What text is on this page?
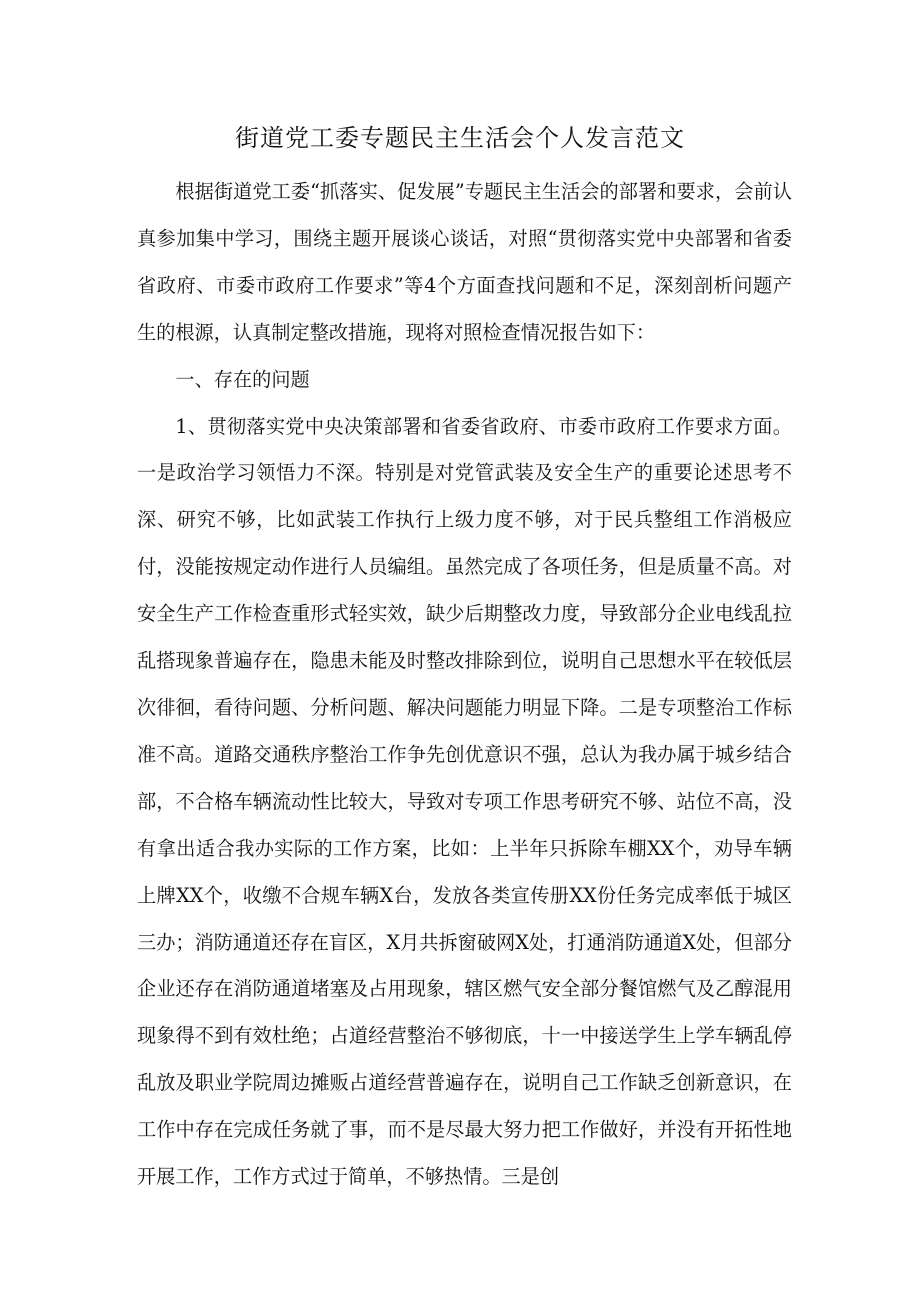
街道党工委专题民主生活会个人发言范文

根据街道党工委“抓落实、促发展”专题民主生活会的部署和要求，会前认真参加集中学习，围绕主题开展谈心谈话，对照“贯彻落实党中央部署和省委省政府、市委市政府工作要求”等4个方面查找问题和不足，深刻剖析问题产生的根源，认真制定整改措施，现将对照检查情况报告如下：

一、存在的问题

1、贯彻落实党中央决策部署和省委省政府、市委市政府工作要求方面。一是政治学习领悟力不深。特别是对党管武装及安全生产的重要论述思考不深、研究不够，比如武装工作执行上级力度不够，对于民兵整组工作消极应付，没能按规定动作进行人员编组。虽然完成了各项任务，但是质量不高。对安全生产工作检查重形式轻实效，缺少后期整改力度，导致部分企业电线乱拉乱搭现象普遍存在，隐患未能及时整改排除到位，说明自己思想水平在较低层次徘徊，看待问题、分析问题、解决问题能力明显下降。二是专项整治工作标准不高。道路交通秩序整治工作争先创优意识不强，总认为我办属于城乡结合部，不合格车辆流动性比较大，导致对专项工作思考研究不够、站位不高，没有拿出适合我办实际的工作方案，比如：上半年只拆除车棚XX个，劝导车辆上牌XX个，收缴不合规车辆X台，发放各类宣传册XX份任务完成率低于城区三办；消防通道还存在盲区，X月共拆窗破网X处，打通消防通道X处，但部分企业还存在消防通道堵塞及占用现象，辖区燃气安全部分餐馆燃气及乙醇混用现象得不到有效杜绝；占道经营整治不够彻底，十一中接送学生上学车辆乱停乱放及职业学院周边摊贩占道经营普遍存在，说明自己工作缺乏创新意识，在工作中存在完成任务就了事，而不是尽最大努力把工作做好，并没有开拓性地开展工作，工作方式过于简单，不够热情。三是创
